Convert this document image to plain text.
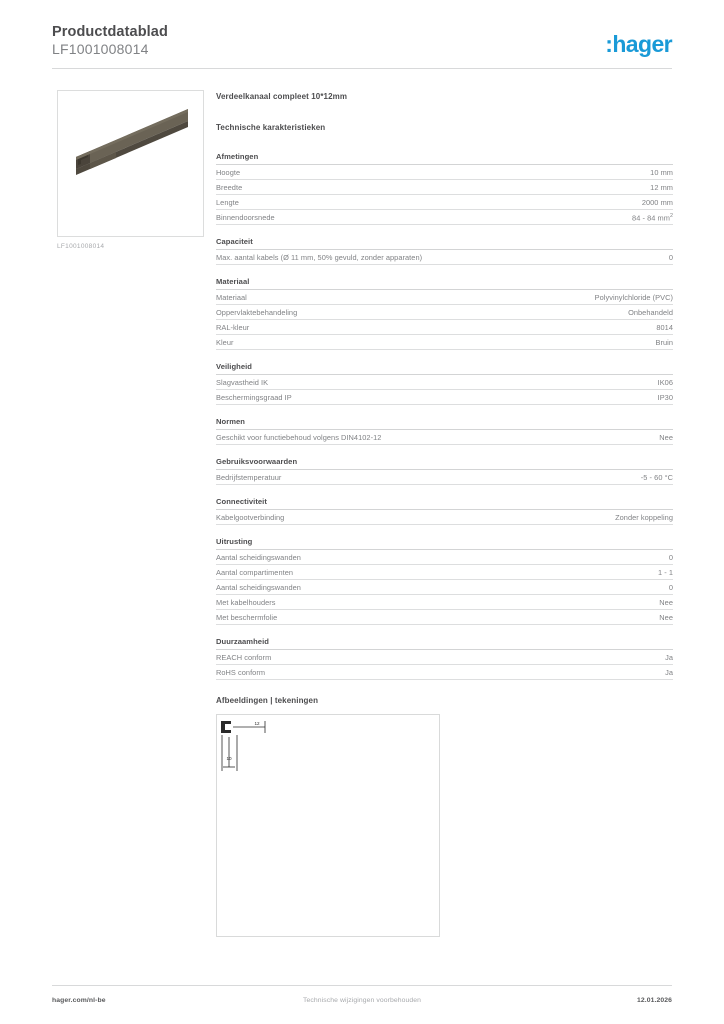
Productdatablad
LF1001008014	:hager
LF1001008014
Verdeelkanaal compleet 10*12mm
Technische karakteristieken
Afmetingen
Hoogte	10 mm
Breedte	12 mm
Lengte	2000 mm
Binnendoorsnede	84 - 84 $mm^2$
Capaciteit
Max. aantal kabels (Ø 11 mm, 50% gevuld, zonder apparaten)	0
Materiaal
Materiaal	Polyvinylchloride (PVC)
Oppervlaktebehandeling	Onbehandeld
RAL-kleur	8014
Kleur	Bruin
Veiligheid
Slagvastheid IK	IK06
Beschermingsgraad IP	IP30
Normen
Geschikt voor functiebehoud volgens DIN4102-12	Nee
Gebruiksvoorwaarden
Bedrijfstemperatuur	-5 - 60 °C
Connectiviteit
Kabelgootverbinding	Zonder koppeling
Uitrusting
Aantal scheidingswanden	0
Aantal compartimenten	1 - 1
Aantal scheidingswanden	0
Met kabelhouders	Nee
Met beschermfolie	Nee
Duurzaamheid
REACH conform	Ja
RoHS conform	Ja
Afbeeldingen | tekeningen
12
10
hager.com/nl-be	Technische wijzigingen voorbehouden	12.01.2026
